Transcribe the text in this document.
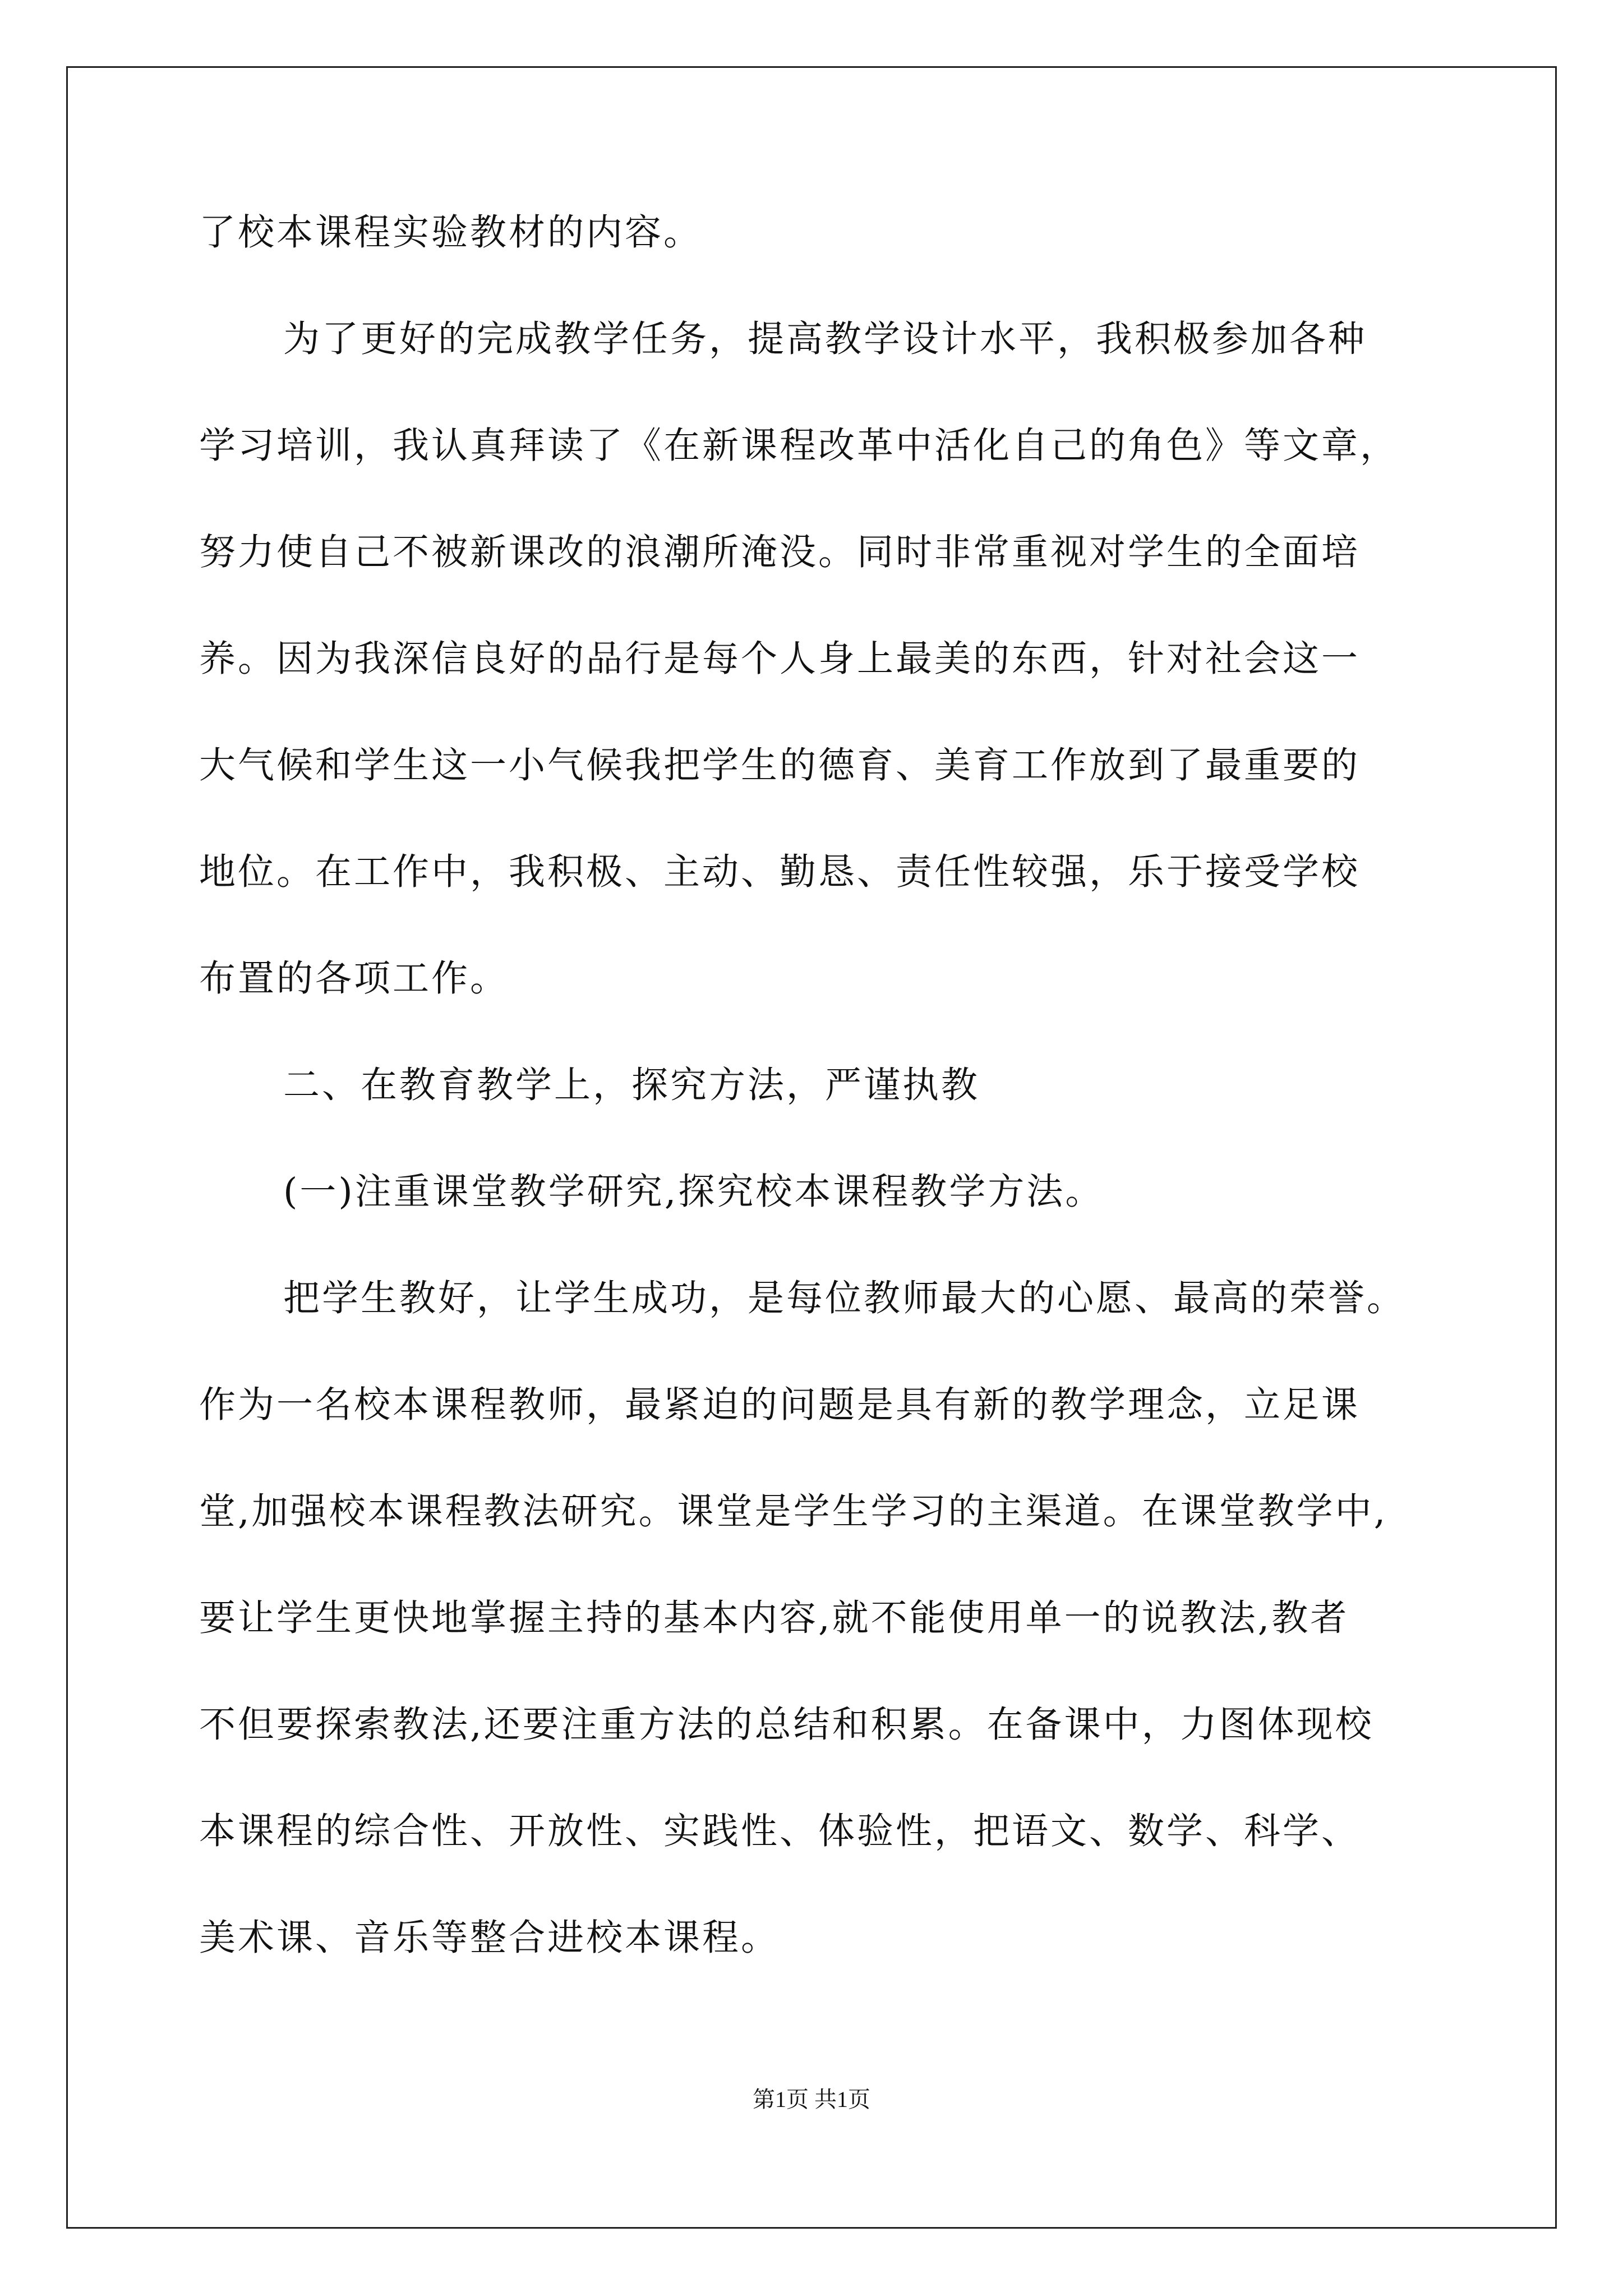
了校本课程实验教材的内容。
为了更好的完成教学任务，提高教学设计水平，我积极参加各种
学习培训，我认真拜读了《在新课程改革中活化自己的角色》等文章，
努力使自己不被新课改的浪潮所淹没。同时非常重视对学生的全面培
养。因为我深信良好的品行是每个人身上最美的东西，针对社会这一
大气候和学生这一小气候我把学生的德育、美育工作放到了最重要的
地位。在工作中，我积极、主动、勤恳、责任性较强，乐于接受学校
布置的各项工作。
二、在教育教学上，探究方法，严谨执教
(一)注重课堂教学研究,探究校本课程教学方法。
把学生教好，让学生成功，是每位教师最大的心愿、最高的荣誉。
作为一名校本课程教师，最紧迫的问题是具有新的教学理念，立足课
堂,加强校本课程教法研究。课堂是学生学习的主渠道。在课堂教学中,
要让学生更快地掌握主持的基本内容,就不能使用单一的说教法,教者
不但要探索教法,还要注重方法的总结和积累。在备课中，力图体现校
本课程的综合性、开放性、实践性、体验性，把语文、数学、科学、
美术课、音乐等整合进校本课程。
第1页 共1页
